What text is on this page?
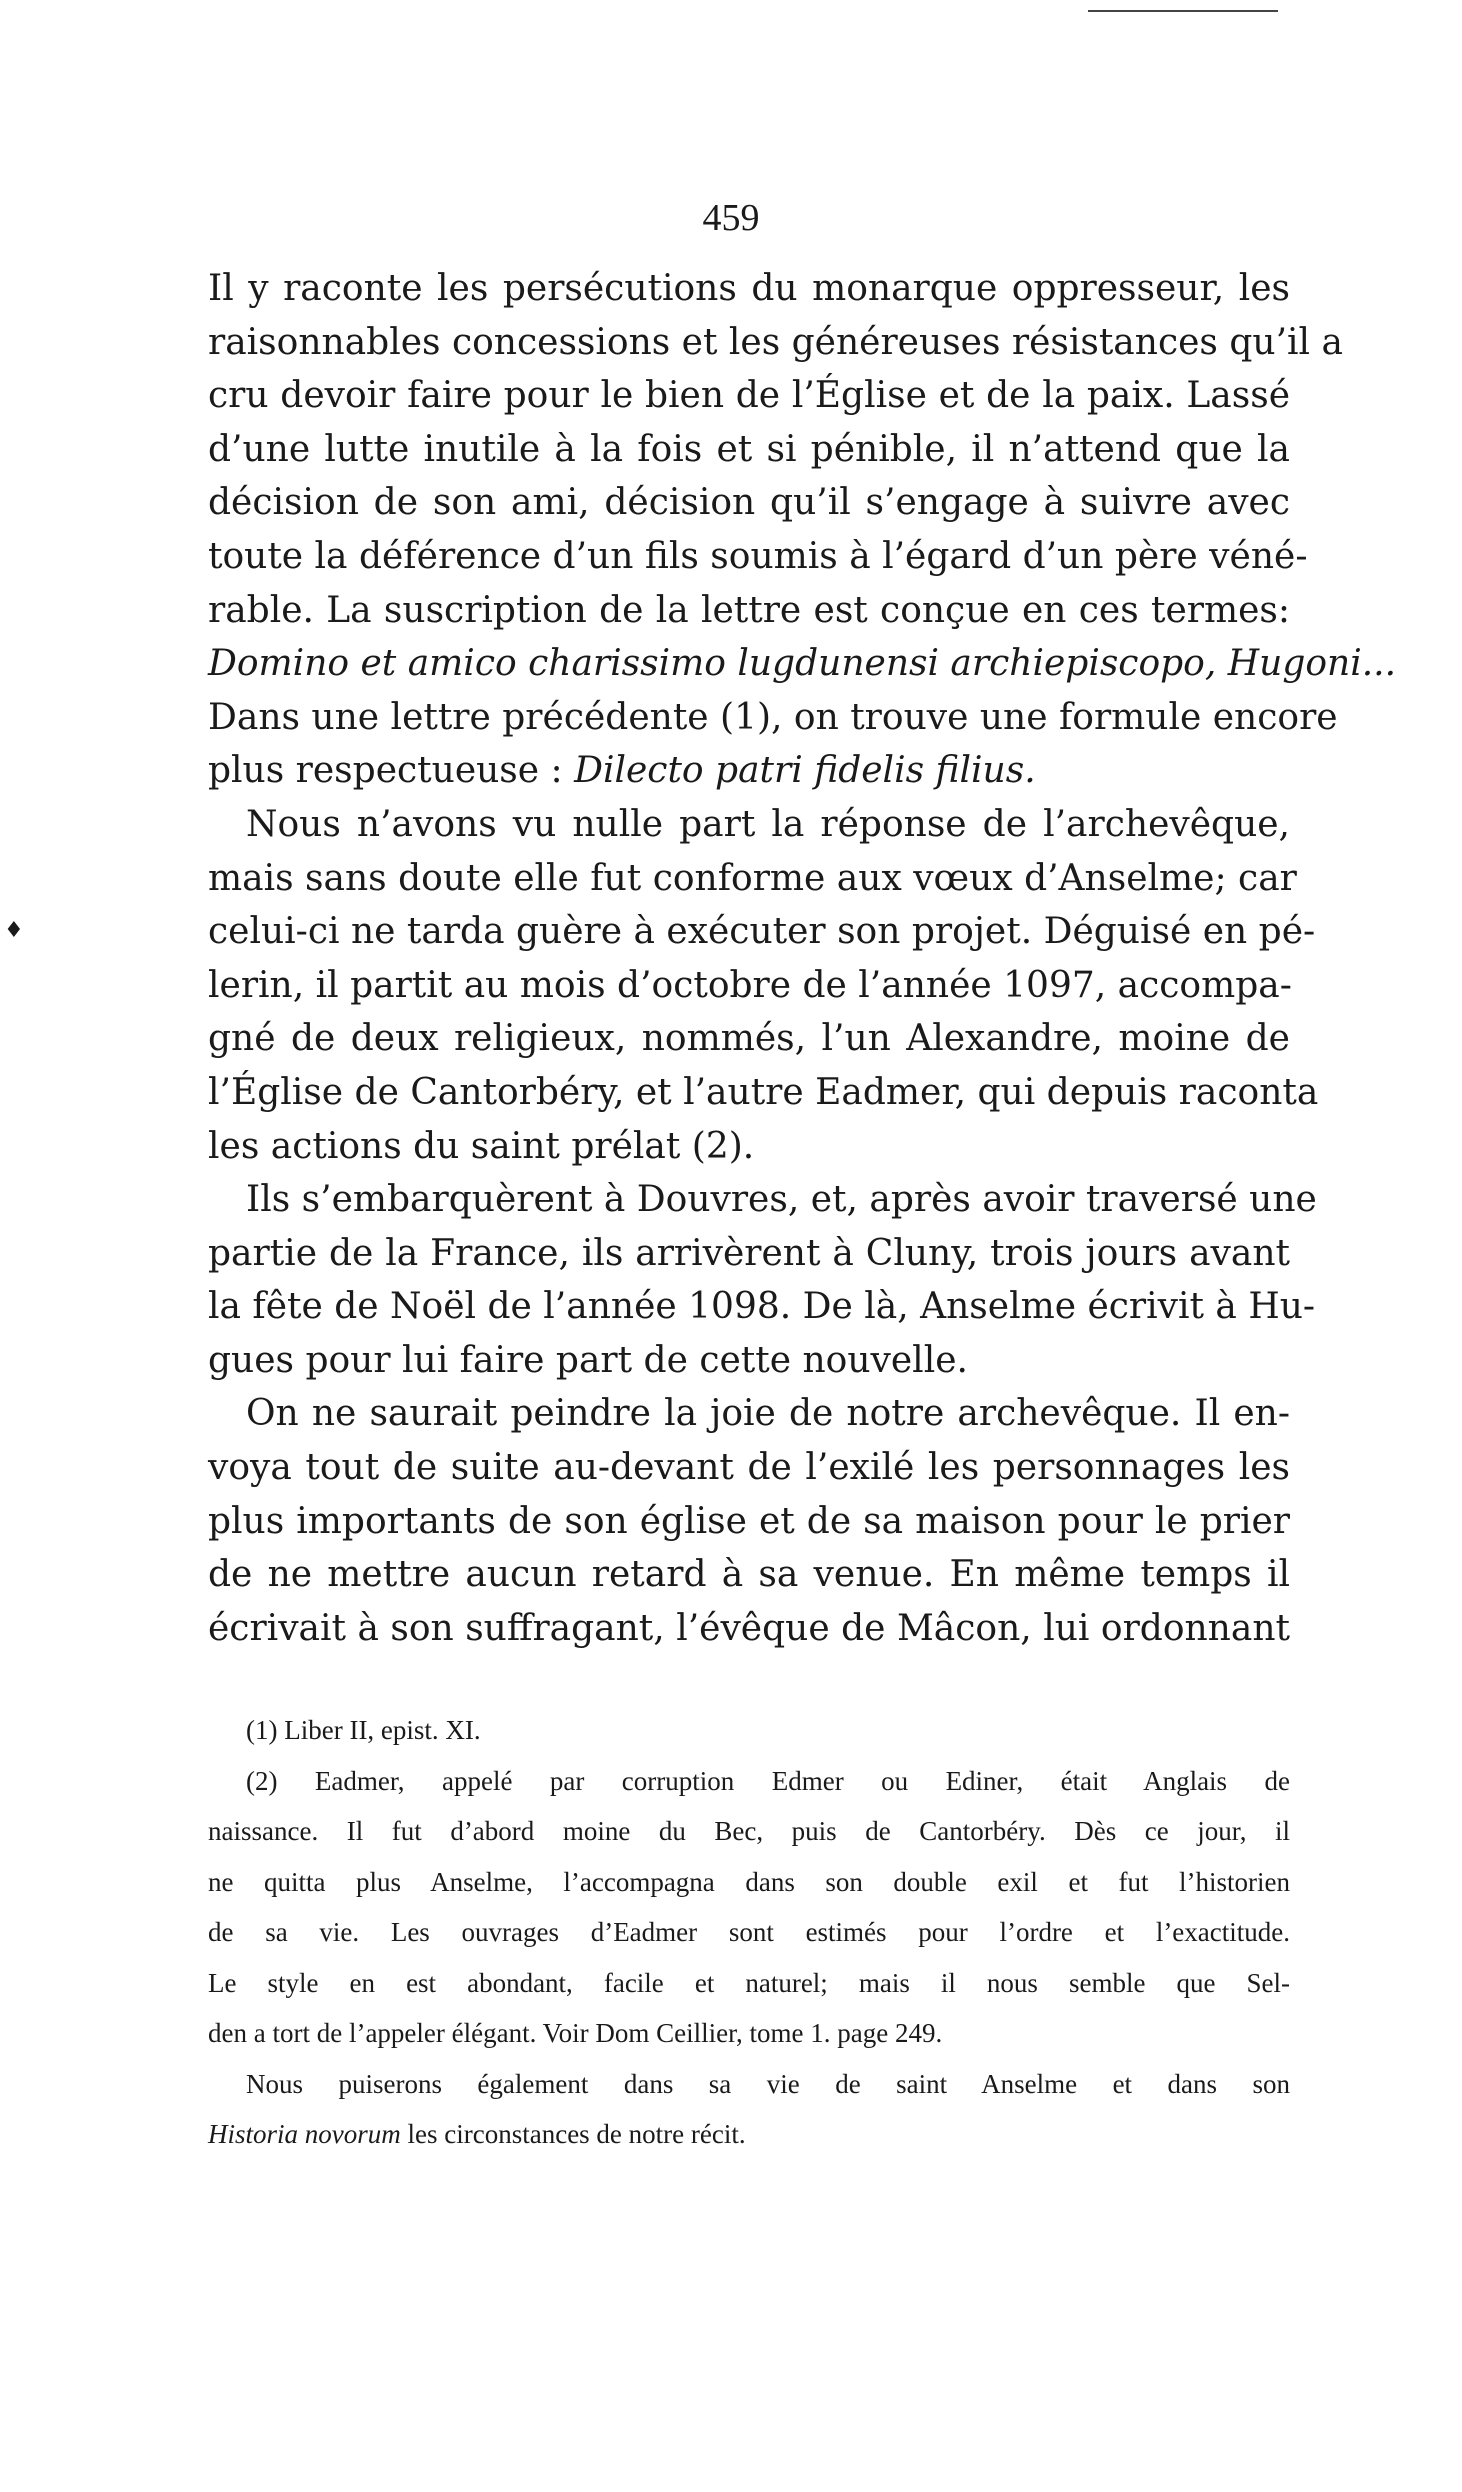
459
♦
Il y raconte les persécutions du monarque oppresseur, les
raisonnables concessions et les généreuses résistances qu’il a
cru devoir faire pour le bien de l’Église et de la paix. Lassé
d’une lutte inutile à la fois et si pénible, il n’attend que la
décision de son ami, décision qu’il s’engage à suivre avec
toute la déférence d’un fils soumis à l’égard d’un père véné-
rable. La suscription de la lettre est conçue en ces termes:
Domino et amico charissimo lugdunensi archiepiscopo, Hugoni...
Dans une lettre précédente (1), on trouve une formule encore
plus respectueuse : Dilecto patri fidelis filius.
Nous n’avons vu nulle part la réponse de l’archevêque,
mais sans doute elle fut conforme aux vœux d’Anselme; car
celui-ci ne tarda guère à exécuter son projet. Déguisé en pé-
lerin, il partit au mois d’octobre de l’année 1097, accompa-
gné de deux religieux, nommés, l’un Alexandre, moine de
l’Église de Cantorbéry, et l’autre Eadmer, qui depuis raconta
les actions du saint prélat (2).
Ils s’embarquèrent à Douvres, et, après avoir traversé une
partie de la France, ils arrivèrent à Cluny, trois jours avant
la fête de Noël de l’année 1098. De là, Anselme écrivit à Hu-
gues pour lui faire part de cette nouvelle.
On ne saurait peindre la joie de notre archevêque. Il en-
voya tout de suite au-devant de l’exilé les personnages les
plus importants de son église et de sa maison pour le prier
de ne mettre aucun retard à sa venue. En même temps il
écrivait à son suffragant, l’évêque de Mâcon, lui ordonnant
(1) Liber II, epist. XI.
(2) Eadmer, appelé par corruption Edmer ou Ediner, était Anglais de
naissance. Il fut d’abord moine du Bec, puis de Cantorbéry. Dès ce jour, il
ne quitta plus Anselme, l’accompagna dans son double exil et fut l’historien
de sa vie. Les ouvrages d’Eadmer sont estimés pour l’ordre et l’exactitude.
Le style en est abondant, facile et naturel; mais il nous semble que Sel-
den a tort de l’appeler élégant. Voir Dom Ceillier, tome 1. page 249.
Nous puiserons également dans sa vie de saint Anselme et dans son
Historia novorum les circonstances de notre récit.
